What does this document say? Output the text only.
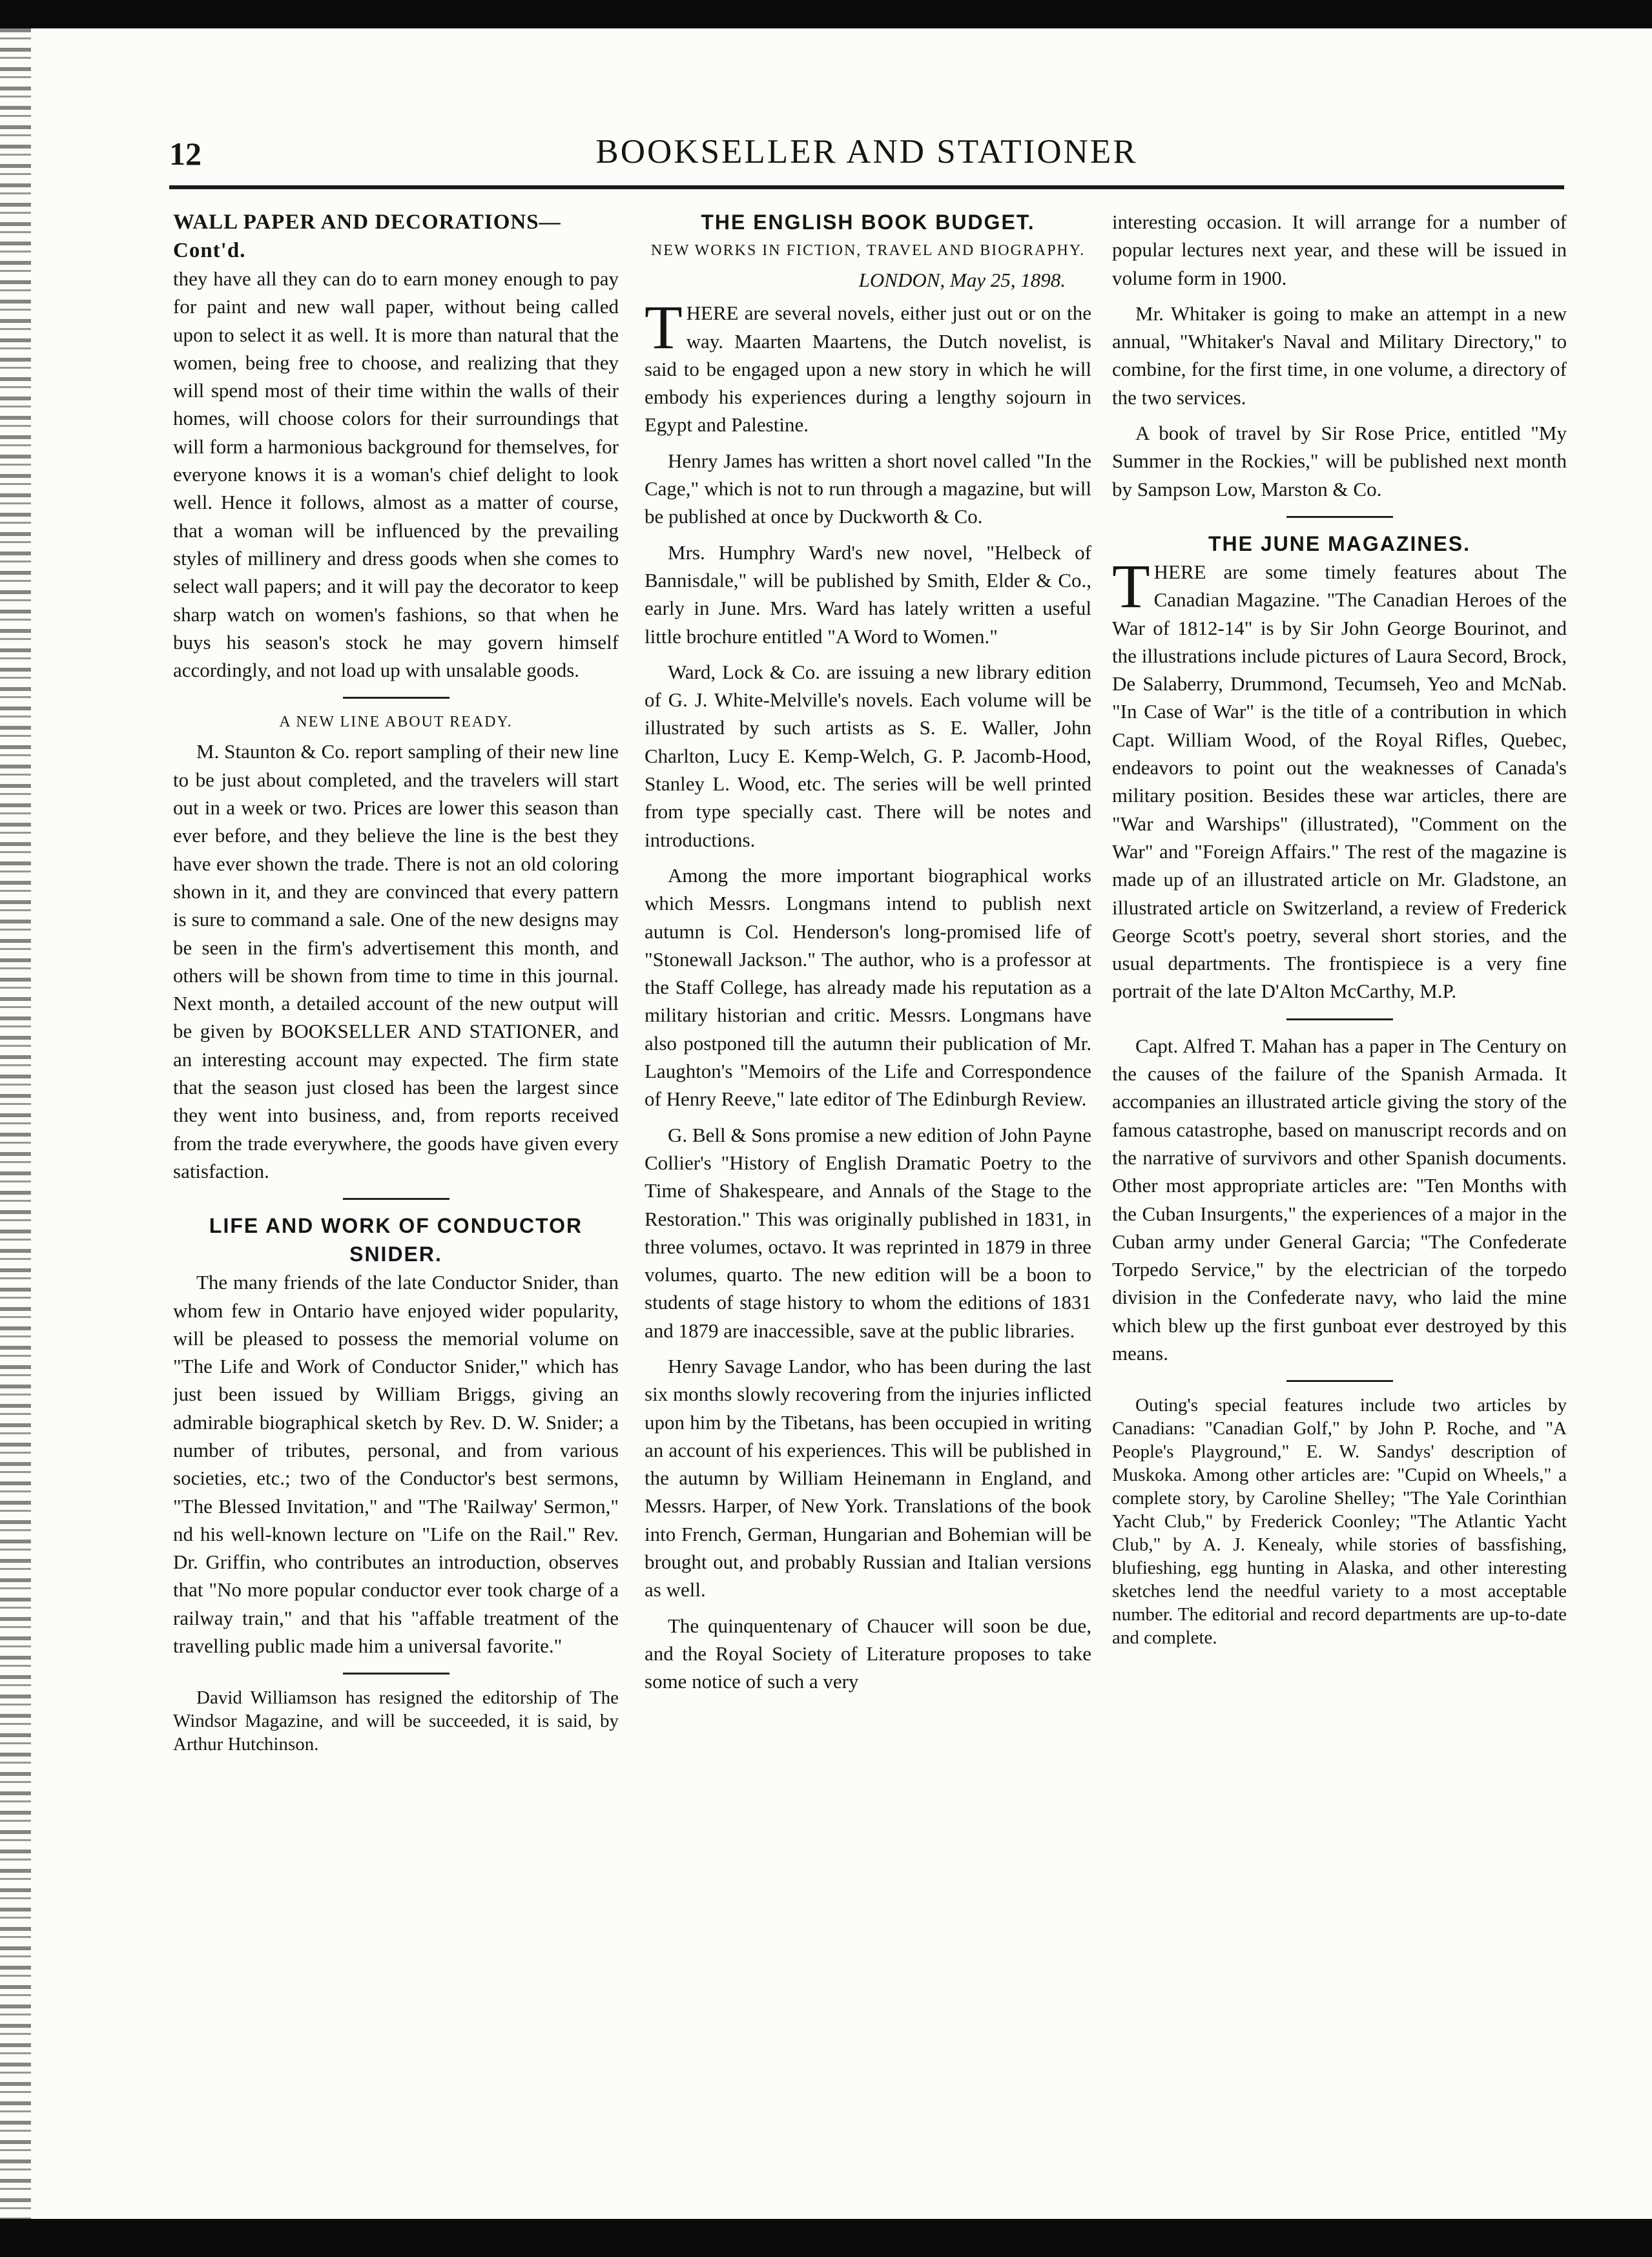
12	BOOKSELLER AND STATIONER
WALL PAPER AND DECORATIONS—Cont'd.

they have all they can do to earn money enough to pay for paint and new wall paper, without being called upon to select it as well. It is more than natural that the women, being free to choose, and realizing that they will spend most of their time within the walls of their homes, will choose colors for their surroundings that will form a harmonious background for themselves, for everyone knows it is a woman's chief delight to look well. Hence it follows, almost as a matter of course, that a woman will be influenced by the prevailing styles of millinery and dress goods when she comes to select wall papers; and it will pay the decorator to keep sharp watch on women's fashions, so that when he buys his season's stock he may govern himself accordingly, and not load up with unsalable goods.

A NEW LINE ABOUT READY.

M. Staunton & Co. report sampling of their new line to be just about completed, and the travelers will start out in a week or two. Prices are lower this season than ever before, and they believe the line is the best they have ever shown the trade. There is not an old coloring shown in it, and they are convinced that every pattern is sure to command a sale. One of the new designs may be seen in the firm's advertisement this month, and others will be shown from time to time in this journal. Next month, a detailed account of the new output will be given by BOOKSELLER AND STATIONER, and an interesting account may expected. The firm state that the season just closed has been the largest since they went into business, and, from reports received from the trade everywhere, the goods have given every satisfaction.

LIFE AND WORK OF CONDUCTOR SNIDER.

The many friends of the late Conductor Snider, than whom few in Ontario have enjoyed wider popularity, will be pleased to possess the memorial volume on "The Life and Work of Conductor Snider," which has just been issued by William Briggs, giving an admirable biographical sketch by Rev. D. W. Snider; a number of tributes, personal, and from various societies, etc.; two of the Conductor's best sermons, "The Blessed Invitation," and "The 'Railway' Sermon," nd his well-known lecture on "Life on the Rail." Rev. Dr. Griffin, who contributes an introduction, observes that "No more popular conductor ever took charge of a railway train," and that his "affable treatment of the travelling public made him a universal favorite."

David Williamson has resigned the editorship of The Windsor Magazine, and will be succeeded, it is said, by Arthur Hutchinson.

THE ENGLISH BOOK BUDGET.
NEW WORKS IN FICTION, TRAVEL AND BIOGRAPHY.
LONDON, May 25, 1898.

THERE are several novels, either just out or on the way. Maarten Maartens, the Dutch novelist, is said to be engaged upon a new story in which he will embody his experiences during a lengthy sojourn in Egypt and Palestine.

Henry James has written a short novel called "In the Cage," which is not to run through a magazine, but will be published at once by Duckworth & Co.

Mrs. Humphry Ward's new novel, "Helbeck of Bannisdale," will be published by Smith, Elder & Co., early in June. Mrs. Ward has lately written a useful little brochure entitled "A Word to Women."

Ward, Lock & Co. are issuing a new library edition of G. J. White-Melville's novels. Each volume will be illustrated by such artists as S. E. Waller, John Charlton, Lucy E. Kemp-Welch, G. P. Jacomb-Hood, Stanley L. Wood, etc. The series will be well printed from type specially cast. There will be notes and introductions.

Among the more important biographical works which Messrs. Longmans intend to publish next autumn is Col. Henderson's long-promised life of "Stonewall Jackson." The author, who is a professor at the Staff College, has already made his reputation as a military historian and critic. Messrs. Longmans have also postponed till the autumn their publication of Mr. Laughton's "Memoirs of the Life and Correspondence of Henry Reeve," late editor of The Edinburgh Review.

G. Bell & Sons promise a new edition of John Payne Collier's "History of English Dramatic Poetry to the Time of Shakespeare, and Annals of the Stage to the Restoration." This was originally published in 1831, in three volumes, octavo. It was reprinted in 1879 in three volumes, quarto. The new edition will be a boon to students of stage history to whom the editions of 1831 and 1879 are inaccessible, save at the public libraries.

Henry Savage Landor, who has been during the last six months slowly recovering from the injuries inflicted upon him by the Tibetans, has been occupied in writing an account of his experiences. This will be published in the autumn by William Heinemann in England, and Messrs. Harper, of New York. Translations of the book into French, German, Hungarian and Bohemian will be brought out, and probably Russian and Italian versions as well.

The quinquentenary of Chaucer will soon be due, and the Royal Society of Literature proposes to take some notice of such a very

interesting occasion. It will arrange for a number of popular lectures next year, and these will be issued in volume form in 1900.

Mr. Whitaker is going to make an attempt in a new annual, "Whitaker's Naval and Military Directory," to combine, for the first time, in one volume, a directory of the two services.

A book of travel by Sir Rose Price, entitled "My Summer in the Rockies," will be published next month by Sampson Low, Marston & Co.

THE JUNE MAGAZINES.

THERE are some timely features about The Canadian Magazine. "The Canadian Heroes of the War of 1812-14" is by Sir John George Bourinot, and the illustrations include pictures of Laura Secord, Brock, De Salaberry, Drummond, Tecumseh, Yeo and McNab. "In Case of War" is the title of a contribution in which Capt. William Wood, of the Royal Rifles, Quebec, endeavors to point out the weaknesses of Canada's military position. Besides these war articles, there are "War and Warships" (illustrated), "Comment on the War" and "Foreign Affairs." The rest of the magazine is made up of an illustrated article on Mr. Gladstone, an illustrated article on Switzerland, a review of Frederick George Scott's poetry, several short stories, and the usual departments. The frontispiece is a very fine portrait of the late D'Alton McCarthy, M.P.

Capt. Alfred T. Mahan has a paper in The Century on the causes of the failure of the Spanish Armada. It accompanies an illustrated article giving the story of the famous catastrophe, based on manuscript records and on the narrative of survivors and other Spanish documents. Other most appropriate articles are: "Ten Months with the Cuban Insurgents," the experiences of a major in the Cuban army under General Garcia; "The Confederate Torpedo Service," by the electrician of the torpedo division in the Confederate navy, who laid the mine which blew up the first gunboat ever destroyed by this means.

Outing's special features include two articles by Canadians: "Canadian Golf," by John P. Roche, and "A People's Playground," E. W. Sandys' description of Muskoka. Among other articles are: "Cupid on Wheels," a complete story, by Caroline Shelley; "The Yale Corinthian Yacht Club," by Frederick Coonley; "The Atlantic Yacht Club," by A. J. Kenealy, while stories of bassfishing, blufieshing, egg hunting in Alaska, and other interesting sketches lend the needful variety to a most acceptable number. The editorial and record departments are up-to-date and complete.
